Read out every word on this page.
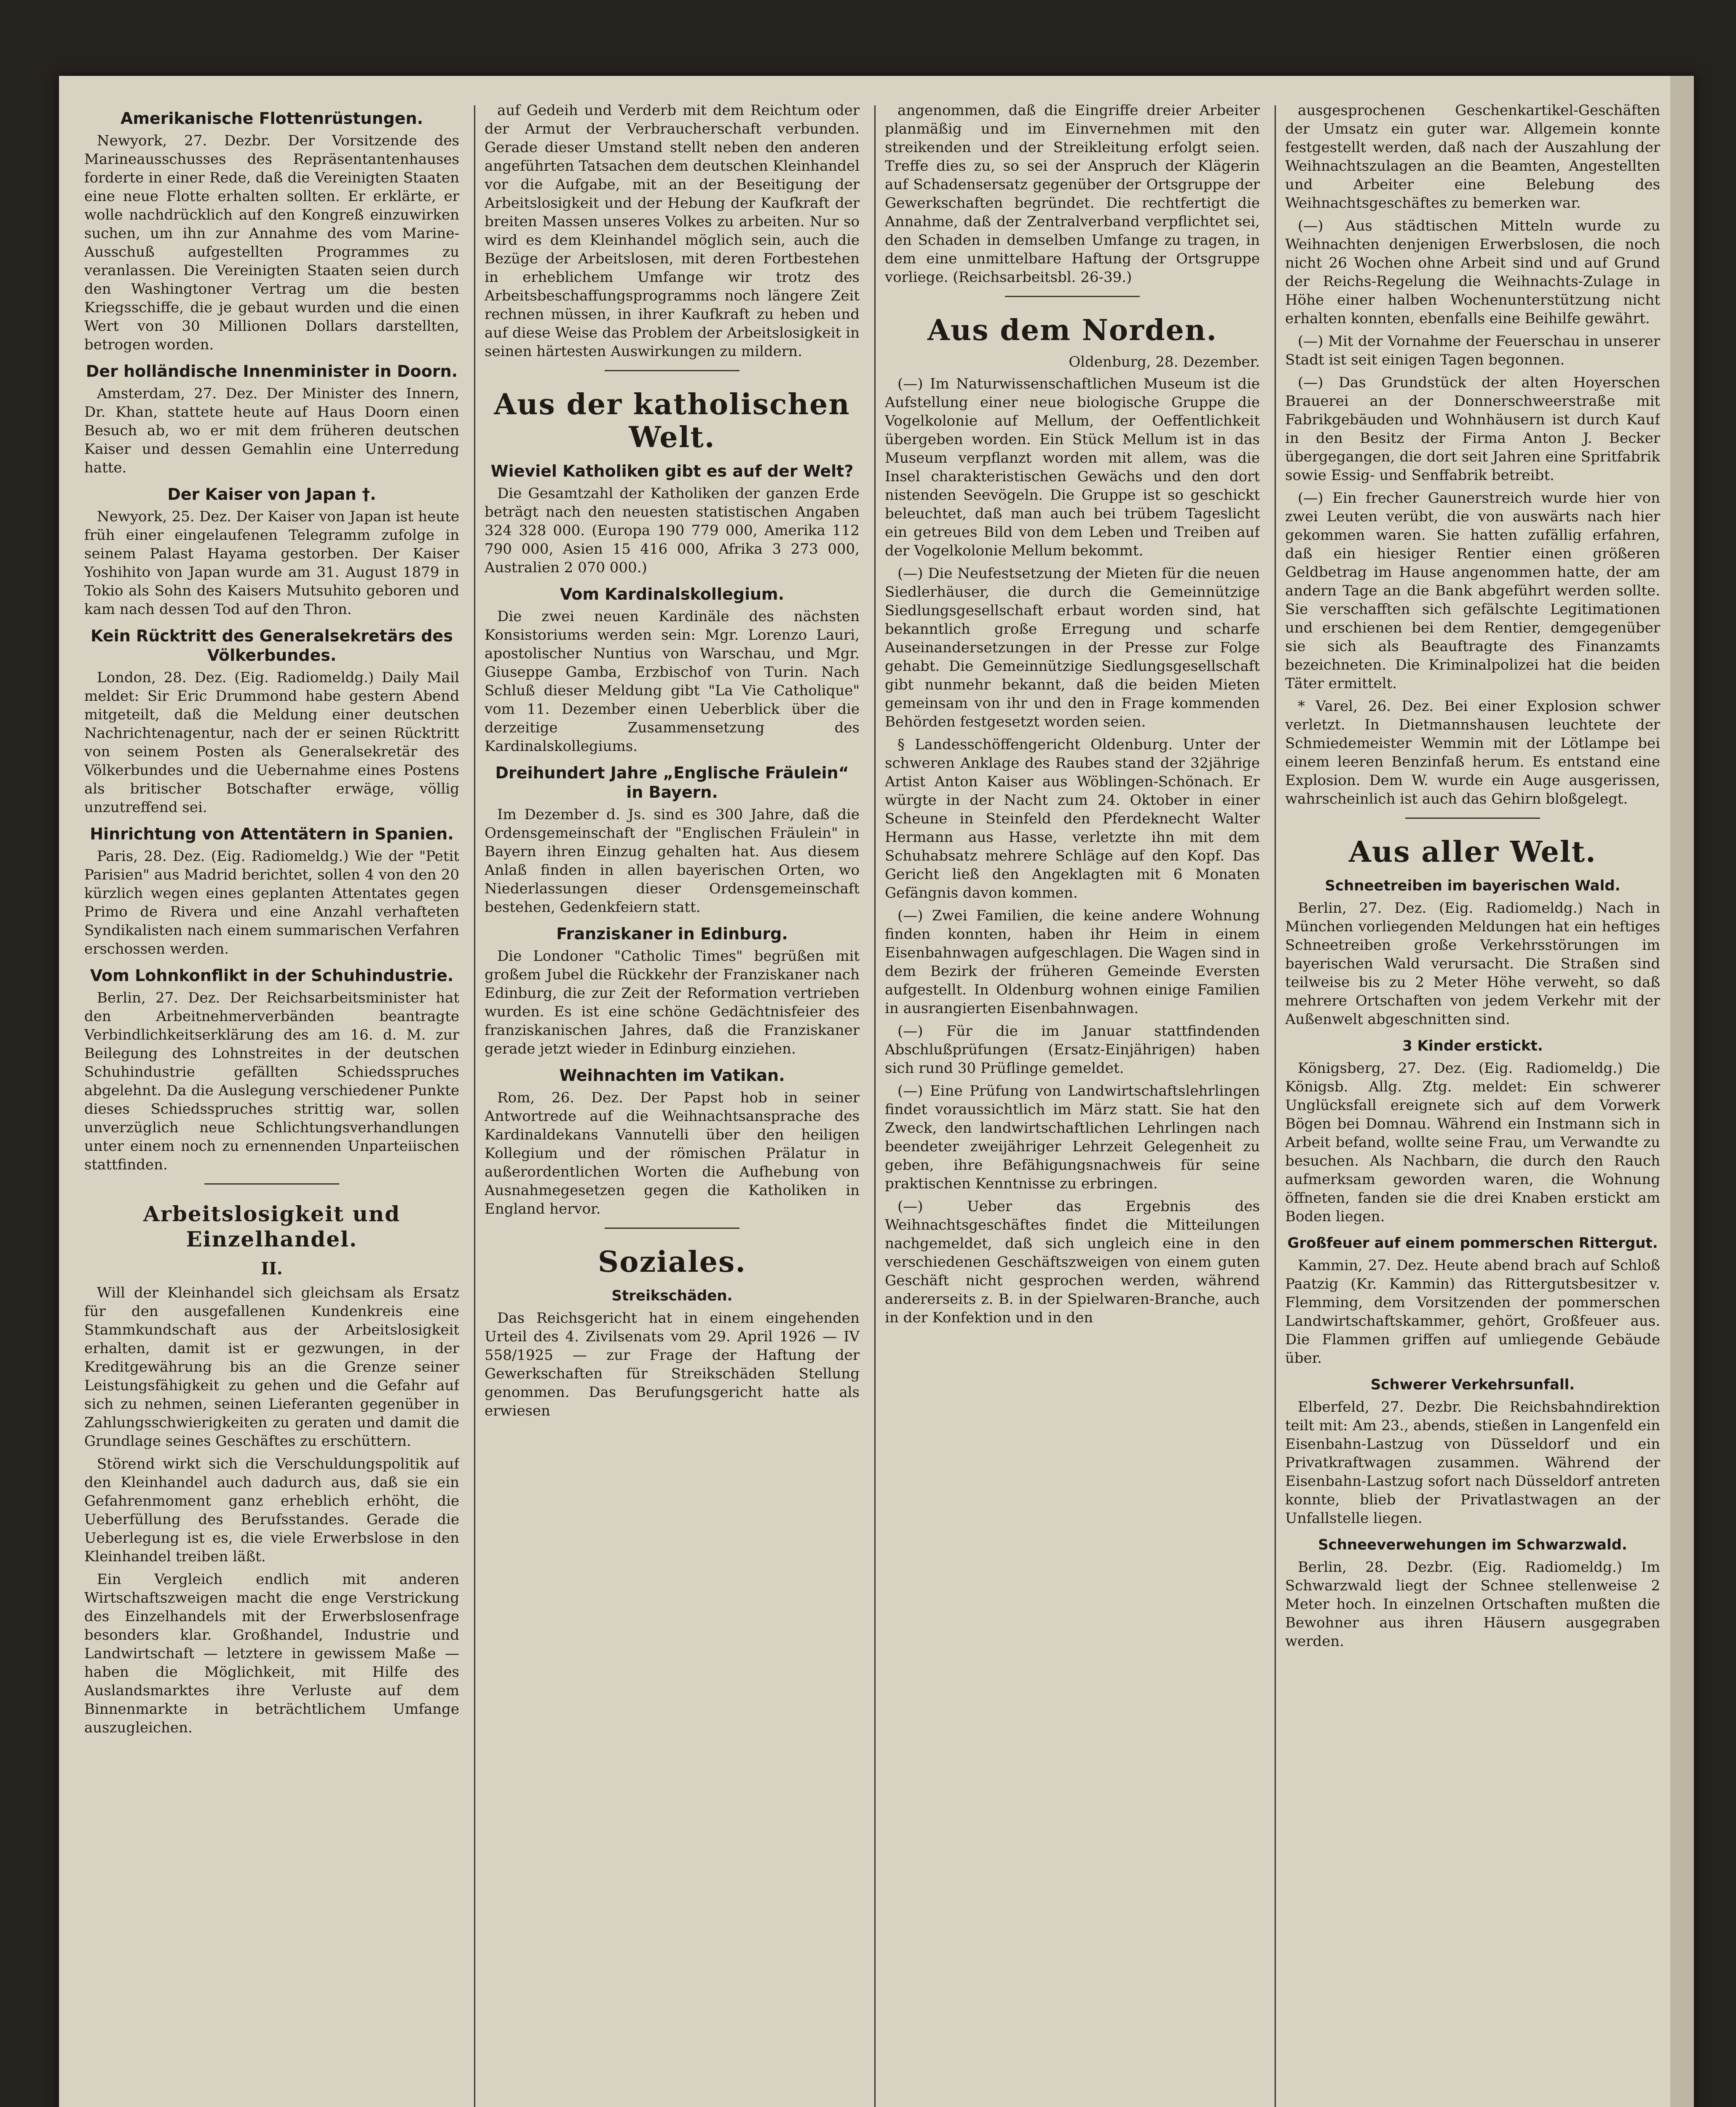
Amerikanische Flottenrüstungen.

Newyork, 27. Dezbr. Der Vorsitzende des Marineausschusses des Repräsentantenhauses forderte in einer Rede, daß die Vereinigten Staaten eine neue Flotte erhalten sollten. Er erklärte, er wolle nachdrücklich auf den Kongreß einzuwirken suchen, um ihn zur Annahme des vom Marine-Ausschuß aufgestellten Programmes zu veranlassen. Die Vereinigten Staaten seien durch den Washingtoner Vertrag um die besten Kriegsschiffe, die je gebaut wurden und die einen Wert von 30 Millionen Dollars darstellten, betrogen worden.

Der holländische Innenminister in Doorn.

Amsterdam, 27. Dez. Der Minister des Innern, Dr. Khan, stattete heute auf Haus Doorn einen Besuch ab, wo er mit dem früheren deutschen Kaiser und dessen Gemahlin eine Unterredung hatte.

Der Kaiser von Japan †.

Newyork, 25. Dez. Der Kaiser von Japan ist heute früh einer eingelaufenen Telegramm zufolge in seinem Palast Hayama gestorben. Der Kaiser Yoshihito von Japan wurde am 31. August 1879 in Tokio als Sohn des Kaisers Mutsuhito geboren und kam nach dessen Tod auf den Thron.

Kein Rücktritt des Generalsekretärs des Völkerbundes.

London, 28. Dez. (Eig. Radiomeldg.) Daily Mail meldet: Sir Eric Drummond habe gestern Abend mitgeteilt, daß die Meldung einer deutschen Nachrichtenagentur, nach der er seinen Rücktritt von seinem Posten als Generalsekretär des Völkerbundes und die Uebernahme eines Postens als britischer Botschafter erwäge, völlig unzutreffend sei.

Hinrichtung von Attentätern in Spanien.

Paris, 28. Dez. (Eig. Radiomeldg.) Wie der "Petit Parisien" aus Madrid berichtet, sollen 4 von den 20 kürzlich wegen eines geplanten Attentates gegen Primo de Rivera und eine Anzahl verhafteten Syndikalisten nach einem summarischen Verfahren erschossen werden.

Vom Lohnkonflikt in der Schuhindustrie.

Berlin, 27. Dez. Der Reichsarbeitsminister hat den Arbeitnehmerverbänden beantragte Verbindlichkeitserklärung des am 16. d. M. zur Beilegung des Lohnstreites in der deutschen Schuhindustrie gefällten Schiedsspruches abgelehnt. Da die Auslegung verschiedener Punkte dieses Schiedsspruches strittig war, sollen unverzüglich neue Schlichtungsverhandlungen unter einem noch zu ernennenden Unparteiischen stattfinden.

Arbeitslosigkeit und Einzelhandel.
II.

Will der Kleinhandel sich gleichsam als Ersatz für den ausgefallenen Kundenkreis eine Stammkundschaft aus der Arbeitslosigkeit erhalten, damit ist er gezwungen, in der Kreditgewährung bis an die Grenze seiner Leistungsfähigkeit zu gehen und die Gefahr auf sich zu nehmen, seinen Lieferanten gegenüber in Zahlungsschwierigkeiten zu geraten und damit die Grundlage seines Geschäftes zu erschüttern.

Störend wirkt sich die Verschuldungspolitik auf den Kleinhandel auch dadurch aus, daß sie ein Gefahrenmoment ganz erheblich erhöht, die Ueberfüllung des Berufsstandes. Gerade die Ueberlegung ist es, die viele Erwerbslose in den Kleinhandel treiben läßt.

Ein Vergleich endlich mit anderen Wirtschaftszweigen macht die enge Verstrickung des Einzelhandels mit der Erwerbslosenfrage besonders klar. Großhandel, Industrie und Landwirtschaft — letztere in gewissem Maße — haben die Möglichkeit, mit Hilfe des Auslandsmarktes ihre Verluste auf dem Binnenmarkte in beträchtlichem Umfange auszugleichen.

auf Gedeih und Verderb mit dem Reichtum oder der Armut der Verbraucherschaft verbunden. Gerade dieser Umstand stellt neben den anderen angeführten Tatsachen dem deutschen Kleinhandel vor die Aufgabe, mit an der Beseitigung der Arbeitslosigkeit und der Hebung der Kaufkraft der breiten Massen unseres Volkes zu arbeiten. Nur so wird es dem Kleinhandel möglich sein, auch die Bezüge der Arbeitslosen, mit deren Fortbestehen in erheblichem Umfange wir trotz des Arbeitsbeschaffungsprogramms noch längere Zeit rechnen müssen, in ihrer Kaufkraft zu heben und auf diese Weise das Problem der Arbeitslosigkeit in seinen härtesten Auswirkungen zu mildern.

Aus der katholischen Welt.
Wieviel Katholiken gibt es auf der Welt?

Die Gesamtzahl der Katholiken der ganzen Erde beträgt nach den neuesten statistischen Angaben 324 328 000. (Europa 190 779 000, Amerika 112 790 000, Asien 15 416 000, Afrika 3 273 000, Australien 2 070 000.)

Vom Kardinalskollegium.

Die zwei neuen Kardinäle des nächsten Konsistoriums werden sein: Mgr. Lorenzo Lauri, apostolischer Nuntius von Warschau, und Mgr. Giuseppe Gamba, Erzbischof von Turin. Nach Schluß dieser Meldung gibt "La Vie Catholique" vom 11. Dezember einen Ueberblick über die derzeitige Zusammensetzung des Kardinalskollegiums.

Dreihundert Jahre „Englische Fräulein“ in Bayern.

Im Dezember d. Js. sind es 300 Jahre, daß die Ordensgemeinschaft der "Englischen Fräulein" in Bayern ihren Einzug gehalten hat. Aus diesem Anlaß finden in allen bayerischen Orten, wo Niederlassungen dieser Ordensgemeinschaft bestehen, Gedenkfeiern statt.

Franziskaner in Edinburg.

Die Londoner "Catholic Times" begrüßen mit großem Jubel die Rückkehr der Franziskaner nach Edinburg, die zur Zeit der Reformation vertrieben wurden. Es ist eine schöne Gedächtnisfeier des franziskanischen Jahres, daß die Franziskaner gerade jetzt wieder in Edinburg einziehen.

Weihnachten im Vatikan.

Rom, 26. Dez. Der Papst hob in seiner Antwortrede auf die Weihnachtsansprache des Kardinaldekans Vannutelli über den heiligen Kollegium und der römischen Prälatur in außerordentlichen Worten die Aufhebung von Ausnahmegesetzen gegen die Katholiken in England hervor.

Soziales.
Streikschäden.

Das Reichsgericht hat in einem eingehenden Urteil des 4. Zivilsenats vom 29. April 1926 — IV 558/1925 — zur Frage der Haftung der Gewerkschaften für Streikschäden Stellung genommen. Das Berufungsgericht hatte als erwiesen

angenommen, daß die Eingriffe dreier Arbeiter planmäßig und im Einvernehmen mit den streikenden und der Streikleitung erfolgt seien. Treffe dies zu, so sei der Anspruch der Klägerin auf Schadensersatz gegenüber der Ortsgruppe der Gewerkschaften begründet. Die rechtfertigt die Annahme, daß der Zentralverband verpflichtet sei, den Schaden in demselben Umfange zu tragen, in dem eine unmittelbare Haftung der Ortsgruppe vorliege. (Reichsarbeitsbl. 26-39.)

Aus dem Norden.
Oldenburg, 28. Dezember.

(—) Im Naturwissenschaftlichen Museum ist die Aufstellung einer neue biologische Gruppe die Vogelkolonie auf Mellum, der Oeffentlichkeit übergeben worden. Ein Stück Mellum ist in das Museum verpflanzt worden mit allem, was die Insel charakteristischen Gewächs und den dort nistenden Seevögeln. Die Gruppe ist so geschickt beleuchtet, daß man auch bei trübem Tageslicht ein getreues Bild von dem Leben und Treiben auf der Vogelkolonie Mellum bekommt.

(—) Die Neufestsetzung der Mieten für die neuen Siedlerhäuser, die durch die Gemeinnützige Siedlungsgesellschaft erbaut worden sind, hat bekanntlich große Erregung und scharfe Auseinandersetzungen in der Presse zur Folge gehabt. Die Gemeinnützige Siedlungsgesellschaft gibt nunmehr bekannt, daß die beiden Mieten gemeinsam von ihr und den in Frage kommenden Behörden festgesetzt worden seien.

§ Landesschöffengericht Oldenburg. Unter der schweren Anklage des Raubes stand der 32jährige Artist Anton Kaiser aus Wöblingen-Schönach. Er würgte in der Nacht zum 24. Oktober in einer Scheune in Steinfeld den Pferdeknecht Walter Hermann aus Hasse, verletzte ihn mit dem Schuhabsatz mehrere Schläge auf den Kopf. Das Gericht ließ den Angeklagten mit 6 Monaten Gefängnis davon kommen.

(—) Zwei Familien, die keine andere Wohnung finden konnten, haben ihr Heim in einem Eisenbahnwagen aufgeschlagen. Die Wagen sind in dem Bezirk der früheren Gemeinde Eversten aufgestellt. In Oldenburg wohnen einige Familien in ausrangierten Eisenbahnwagen.

(—) Für die im Januar stattfindenden Abschlußprüfungen (Ersatz-Einjährigen) haben sich rund 30 Prüflinge gemeldet.

(—) Eine Prüfung von Landwirtschaftslehrlingen findet voraussichtlich im März statt. Sie hat den Zweck, den landwirtschaftlichen Lehrlingen nach beendeter zweijähriger Lehrzeit Gelegenheit zu geben, ihre Befähigungsnachweis für seine praktischen Kenntnisse zu erbringen.

(—) Ueber das Ergebnis des Weihnachtsgeschäftes findet die Mitteilungen nachgemeldet, daß sich ungleich eine in den verschiedenen Geschäftszweigen von einem guten Geschäft nicht gesprochen werden, während andererseits z. B. in der Spielwaren-Branche, auch in der Konfektion und in den

ausgesprochenen Geschenkartikel-Geschäften der Umsatz ein guter war. Allgemein konnte festgestellt werden, daß nach der Auszahlung der Weihnachtszulagen an die Beamten, Angestellten und Arbeiter eine Belebung des Weihnachtsgeschäftes zu bemerken war.

(—) Aus städtischen Mitteln wurde zu Weihnachten denjenigen Erwerbslosen, die noch nicht 26 Wochen ohne Arbeit sind und auf Grund der Reichs-Regelung die Weihnachts-Zulage in Höhe einer halben Wochenunterstützung nicht erhalten konnten, ebenfalls eine Beihilfe gewährt.

(—) Mit der Vornahme der Feuerschau in unserer Stadt ist seit einigen Tagen begonnen.

(—) Das Grundstück der alten Hoyerschen Brauerei an der Donnerschweerstraße mit Fabrikgebäuden und Wohnhäusern ist durch Kauf in den Besitz der Firma Anton J. Becker übergegangen, die dort seit Jahren eine Spritfabrik sowie Essig- und Senffabrik betreibt.

(—) Ein frecher Gaunerstreich wurde hier von zwei Leuten verübt, die von auswärts nach hier gekommen waren. Sie hatten zufällig erfahren, daß ein hiesiger Rentier einen größeren Geldbetrag im Hause angenommen hatte, der am andern Tage an die Bank abgeführt werden sollte. Sie verschafften sich gefälschte Legitimationen und erschienen bei dem Rentier, demgegenüber sie sich als Beauftragte des Finanzamts bezeichneten. Die Kriminalpolizei hat die beiden Täter ermittelt.

* Varel, 26. Dez. Bei einer Explosion schwer verletzt. In Dietmannshausen leuchtete der Schmiedemeister Wemmin mit der Lötlampe bei einem leeren Benzinfaß herum. Es entstand eine Explosion. Dem W. wurde ein Auge ausgerissen, wahrscheinlich ist auch das Gehirn bloßgelegt.

Aus aller Welt.
Schneetreiben im bayerischen Wald.

Berlin, 27. Dez. (Eig. Radiomeldg.) Nach in München vorliegenden Meldungen hat ein heftiges Schneetreiben große Verkehrsstörungen im bayerischen Wald verursacht. Die Straßen sind teilweise bis zu 2 Meter Höhe verweht, so daß mehrere Ortschaften von jedem Verkehr mit der Außenwelt abgeschnitten sind.

3 Kinder erstickt.

Königsberg, 27. Dez. (Eig. Radiomeldg.) Die Königsb. Allg. Ztg. meldet: Ein schwerer Unglücksfall ereignete sich auf dem Vorwerk Bögen bei Domnau. Während ein Instmann sich in Arbeit befand, wollte seine Frau, um Verwandte zu besuchen. Als Nachbarn, die durch den Rauch aufmerksam geworden waren, die Wohnung öffneten, fanden sie die drei Knaben erstickt am Boden liegen.

Großfeuer auf einem pommerschen Rittergut.

Kammin, 27. Dez. Heute abend brach auf Schloß Paatzig (Kr. Kammin) das Rittergutsbesitzer v. Flemming, dem Vorsitzenden der pommerschen Landwirtschaftskammer, gehört, Großfeuer aus. Die Flammen griffen auf umliegende Gebäude über.

Schwerer Verkehrsunfall.

Elberfeld, 27. Dezbr. Die Reichsbahndirektion teilt mit: Am 23., abends, stießen in Langenfeld ein Eisenbahn-Lastzug von Düsseldorf und ein Privatkraftwagen zusammen. Während der Eisenbahn-Lastzug sofort nach Düsseldorf antreten konnte, blieb der Privatlastwagen an der Unfallstelle liegen.

Schneeverwehungen im Schwarzwald.

Berlin, 28. Dezbr. (Eig. Radiomeldg.) Im Schwarzwald liegt der Schnee stellenweise 2 Meter hoch. In einzelnen Ortschaften mußten die Bewohner aus ihren Häusern ausgegraben werden.
